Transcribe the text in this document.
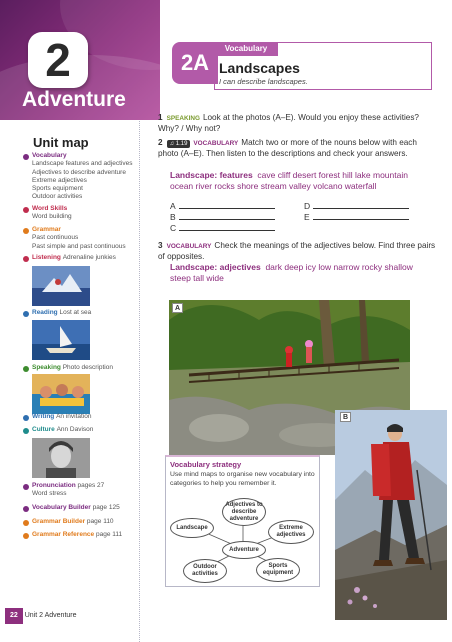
2
Adventure
Unit map
Vocabulary
Landscape features and adjectives
Adjectives to describe adventure
Extreme adjectives
Sports equipment
Outdoor activities
Word Skills
Word building
Grammar
Past continuous
Past simple and past continuous
Listening Adrenaline junkies
Reading Lost at sea
Speaking Photo description
Writing An invitation
Culture Ann Davison
Pronunciation pages 27
Word stress
Vocabulary Builder page 125
Grammar Builder page 110
Grammar Reference page 111
22 Unit 2 Adventure
2A
Vocabulary
Landscapes
I can describe landscapes.
1 SPEAKING Look at the photos (A–E). Would you enjoy these activities? Why? / Why not?
2 ♫ 1.19 VOCABULARY Match two or more of the nouns below with each photo (A–E). Then listen to the descriptions and check your answers.
Landscape: features cave cliff desert forest hill lake mountain ocean river rocks shore stream valley volcano waterfall
A
B
C
D
E
3 VOCABULARY Check the meanings of the adjectives below. Find three pairs of opposites.
Landscape: adjectives dark deep icy low narrow rocky shallow steep tall wide
A
B
Vocabulary strategy
Use mind maps to organise new vocabulary into categories to help you remember it.
Adjectives to describe adventure
Landscape	Extreme adjectives
Adventure
Outdoor activities
Sports equipment
